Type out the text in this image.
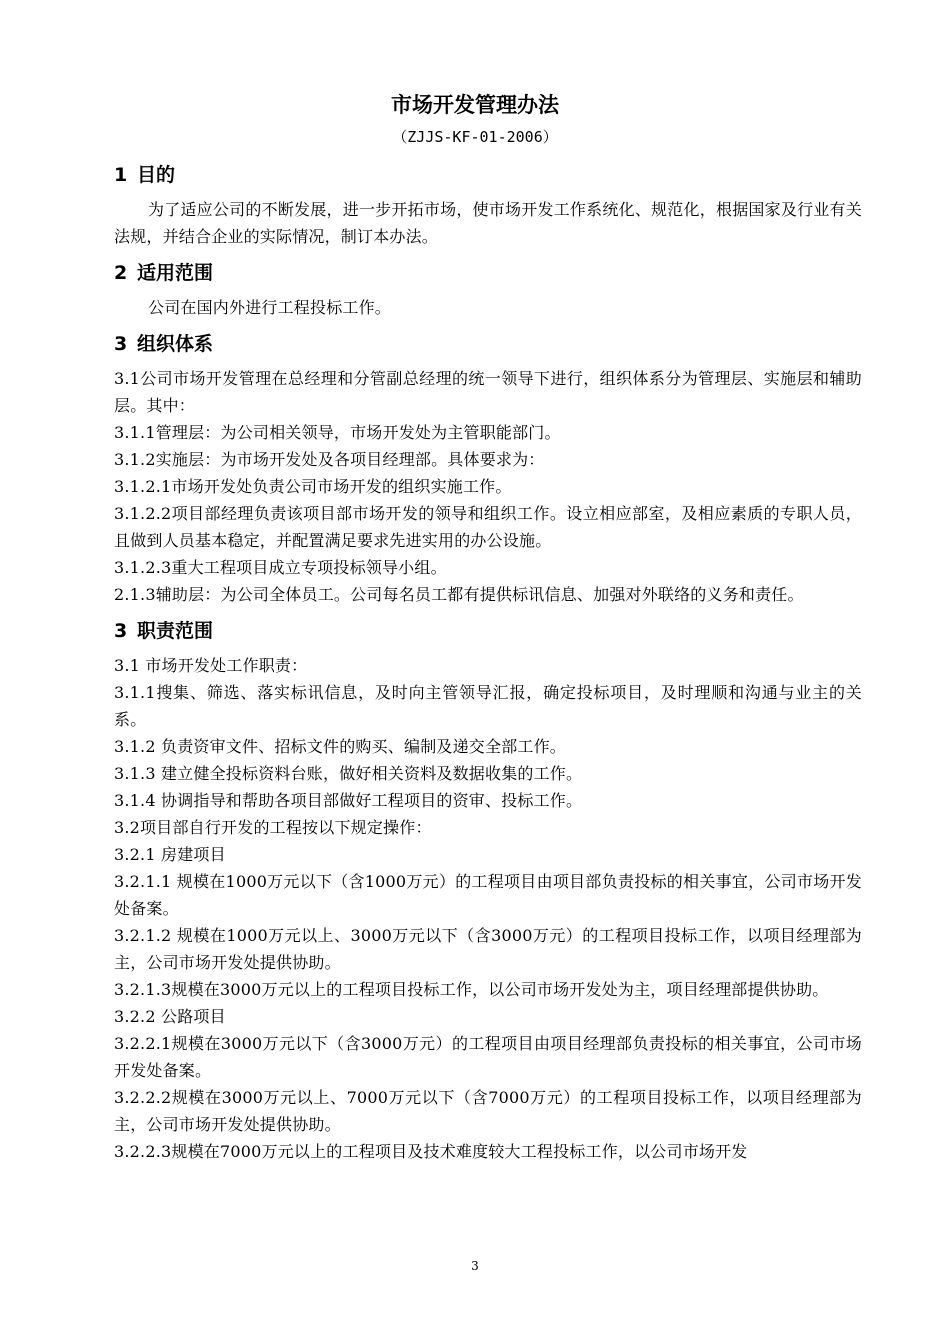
市场开发管理办法
（ZJJS-KF-01-2006）
1 目的

为了适应公司的不断发展，进一步开拓市场，使市场开发工作系统化、规范化，根据国家及行业有关法规，并结合企业的实际情况，制订本办法。

2 适用范围

公司在国内外进行工程投标工作。

3 组织体系

3.1公司市场开发管理在总经理和分管副总经理的统一领导下进行，组织体系分为管理层、实施层和辅助层。其中：

3.1.1管理层：为公司相关领导，市场开发处为主管职能部门。

3.1.2实施层：为市场开发处及各项目经理部。具体要求为：

3.1.2.1市场开发处负责公司市场开发的组织实施工作。

3.1.2.2项目部经理负责该项目部市场开发的领导和组织工作。设立相应部室，及相应素质的专职人员，且做到人员基本稳定，并配置满足要求先进实用的办公设施。

3.1.2.3重大工程项目成立专项投标领导小组。

2.1.3辅助层：为公司全体员工。公司每名员工都有提供标讯信息、加强对外联络的义务和责任。

3 职责范围

3.1 市场开发处工作职责：

3.1.1搜集、筛选、落实标讯信息，及时向主管领导汇报，确定投标项目，及时理顺和沟通与业主的关系。

3.1.2 负责资审文件、招标文件的购买、编制及递交全部工作。

3.1.3 建立健全投标资料台账，做好相关资料及数据收集的工作。

3.1.4 协调指导和帮助各项目部做好工程项目的资审、投标工作。

3.2项目部自行开发的工程按以下规定操作：

3.2.1 房建项目

3.2.1.1 规模在1000万元以下（含1000万元）的工程项目由项目部负责投标的相关事宜，公司市场开发处备案。

3.2.1.2 规模在1000万元以上、3000万元以下（含3000万元）的工程项目投标工作，以项目经理部为主，公司市场开发处提供协助。

3.2.1.3规模在3000万元以上的工程项目投标工作，以公司市场开发处为主，项目经理部提供协助。

3.2.2 公路项目

3.2.2.1规模在3000万元以下（含3000万元）的工程项目由项目经理部负责投标的相关事宜，公司市场开发处备案。

3.2.2.2规模在3000万元以上、7000万元以下（含7000万元）的工程项目投标工作，以项目经理部为主，公司市场开发处提供协助。

3.2.2.3规模在7000万元以上的工程项目及技术难度较大工程投标工作，以公司市场开发

3
